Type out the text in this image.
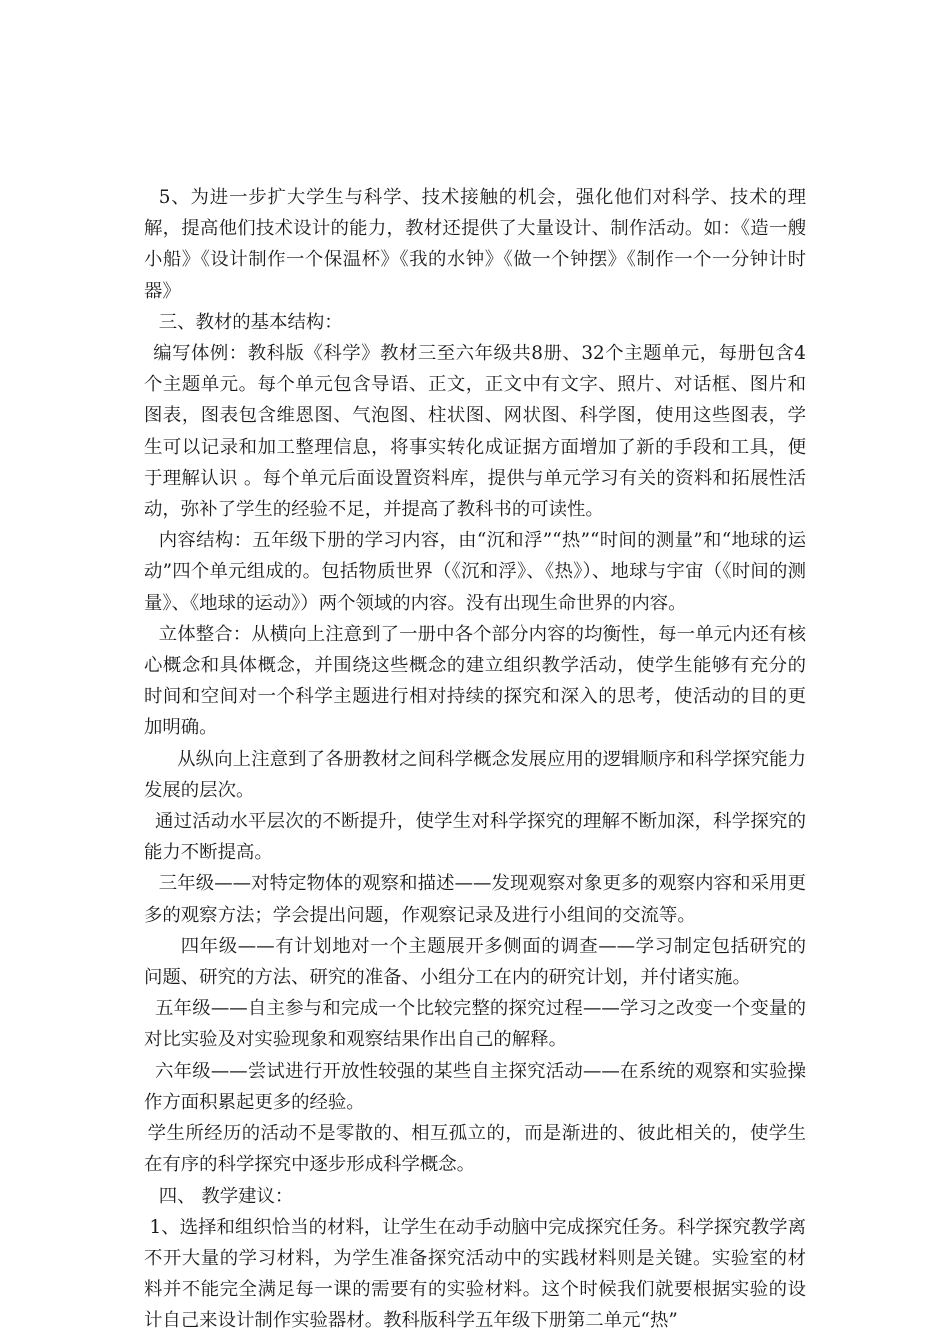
5、为进一步扩大学生与科学、技术接触的机会，强化他们对科学、技术的理解，提高他们技术设计的能力，教材还提供了大量设计、制作活动。如：《造一艘小船》《设计制作一个保温杯》《我的水钟》《做一个钟摆》《制作一个一分钟计时器》

三、教材的基本结构：

编写体例：教科版《科学》教材三至六年级共8册、32个主题单元，每册包含4个主题单元。每个单元包含导语、正文，正文中有文字、照片、对话框、图片和图表，图表包含维恩图、气泡图、柱状图、网状图、科学图，使用这些图表，学生可以记录和加工整理信息，将事实转化成证据方面增加了新的手段和工具，便于理解认识 。每个单元后面设置资料库，提供与单元学习有关的资料和拓展性活动，弥补了学生的经验不足，并提高了教科书的可读性。

内容结构：五年级下册的学习内容，由“沉和浮”“热”“时间的测量”和“地球的运动”四个单元组成的。包括物质世界（《沉和浮》、《热》）、地球与宇宙（《时间的测量》、《地球的运动》）两个领域的内容。没有出现生命世界的内容。

立体整合：从横向上注意到了一册中各个部分内容的均衡性，每一单元内还有核心概念和具体概念，并围绕这些概念的建立组织教学活动，使学生能够有充分的时间和空间对一个科学主题进行相对持续的探究和深入的思考，使活动的目的更加明确。

从纵向上注意到了各册教材之间科学概念发展应用的逻辑顺序和科学探究能力发展的层次。

通过活动水平层次的不断提升，使学生对科学探究的理解不断加深，科学探究的能力不断提高。

三年级——对特定物体的观察和描述——发现观察对象更多的观察内容和采用更多的观察方法；学会提出问题，作观察记录及进行小组间的交流等。

四年级——有计划地对一个主题展开多侧面的调查——学习制定包括研究的问题、研究的方法、研究的准备、小组分工在内的研究计划，并付诸实施。

五年级——自主参与和完成一个比较完整的探究过程——学习之改变一个变量的对比实验及对实验现象和观察结果作出自己的解释。

六年级——尝试进行开放性较强的某些自主探究活动——在系统的观察和实验操作方面积累起更多的经验。

学生所经历的活动不是零散的、相互孤立的，而是渐进的、彼此相关的，使学生在有序的科学探究中逐步形成科学概念。

四、 教学建议：

1、选择和组织恰当的材料，让学生在动手动脑中完成探究任务。科学探究教学离不开大量的学习材料，为学生准备探究活动中的实践材料则是关键。实验室的材料并不能完全满足每一课的需要有的实验材料。这个时候我们就要根据实验的设计自己来设计制作实验器材。教科版科学五年级下册第二单元“热”
